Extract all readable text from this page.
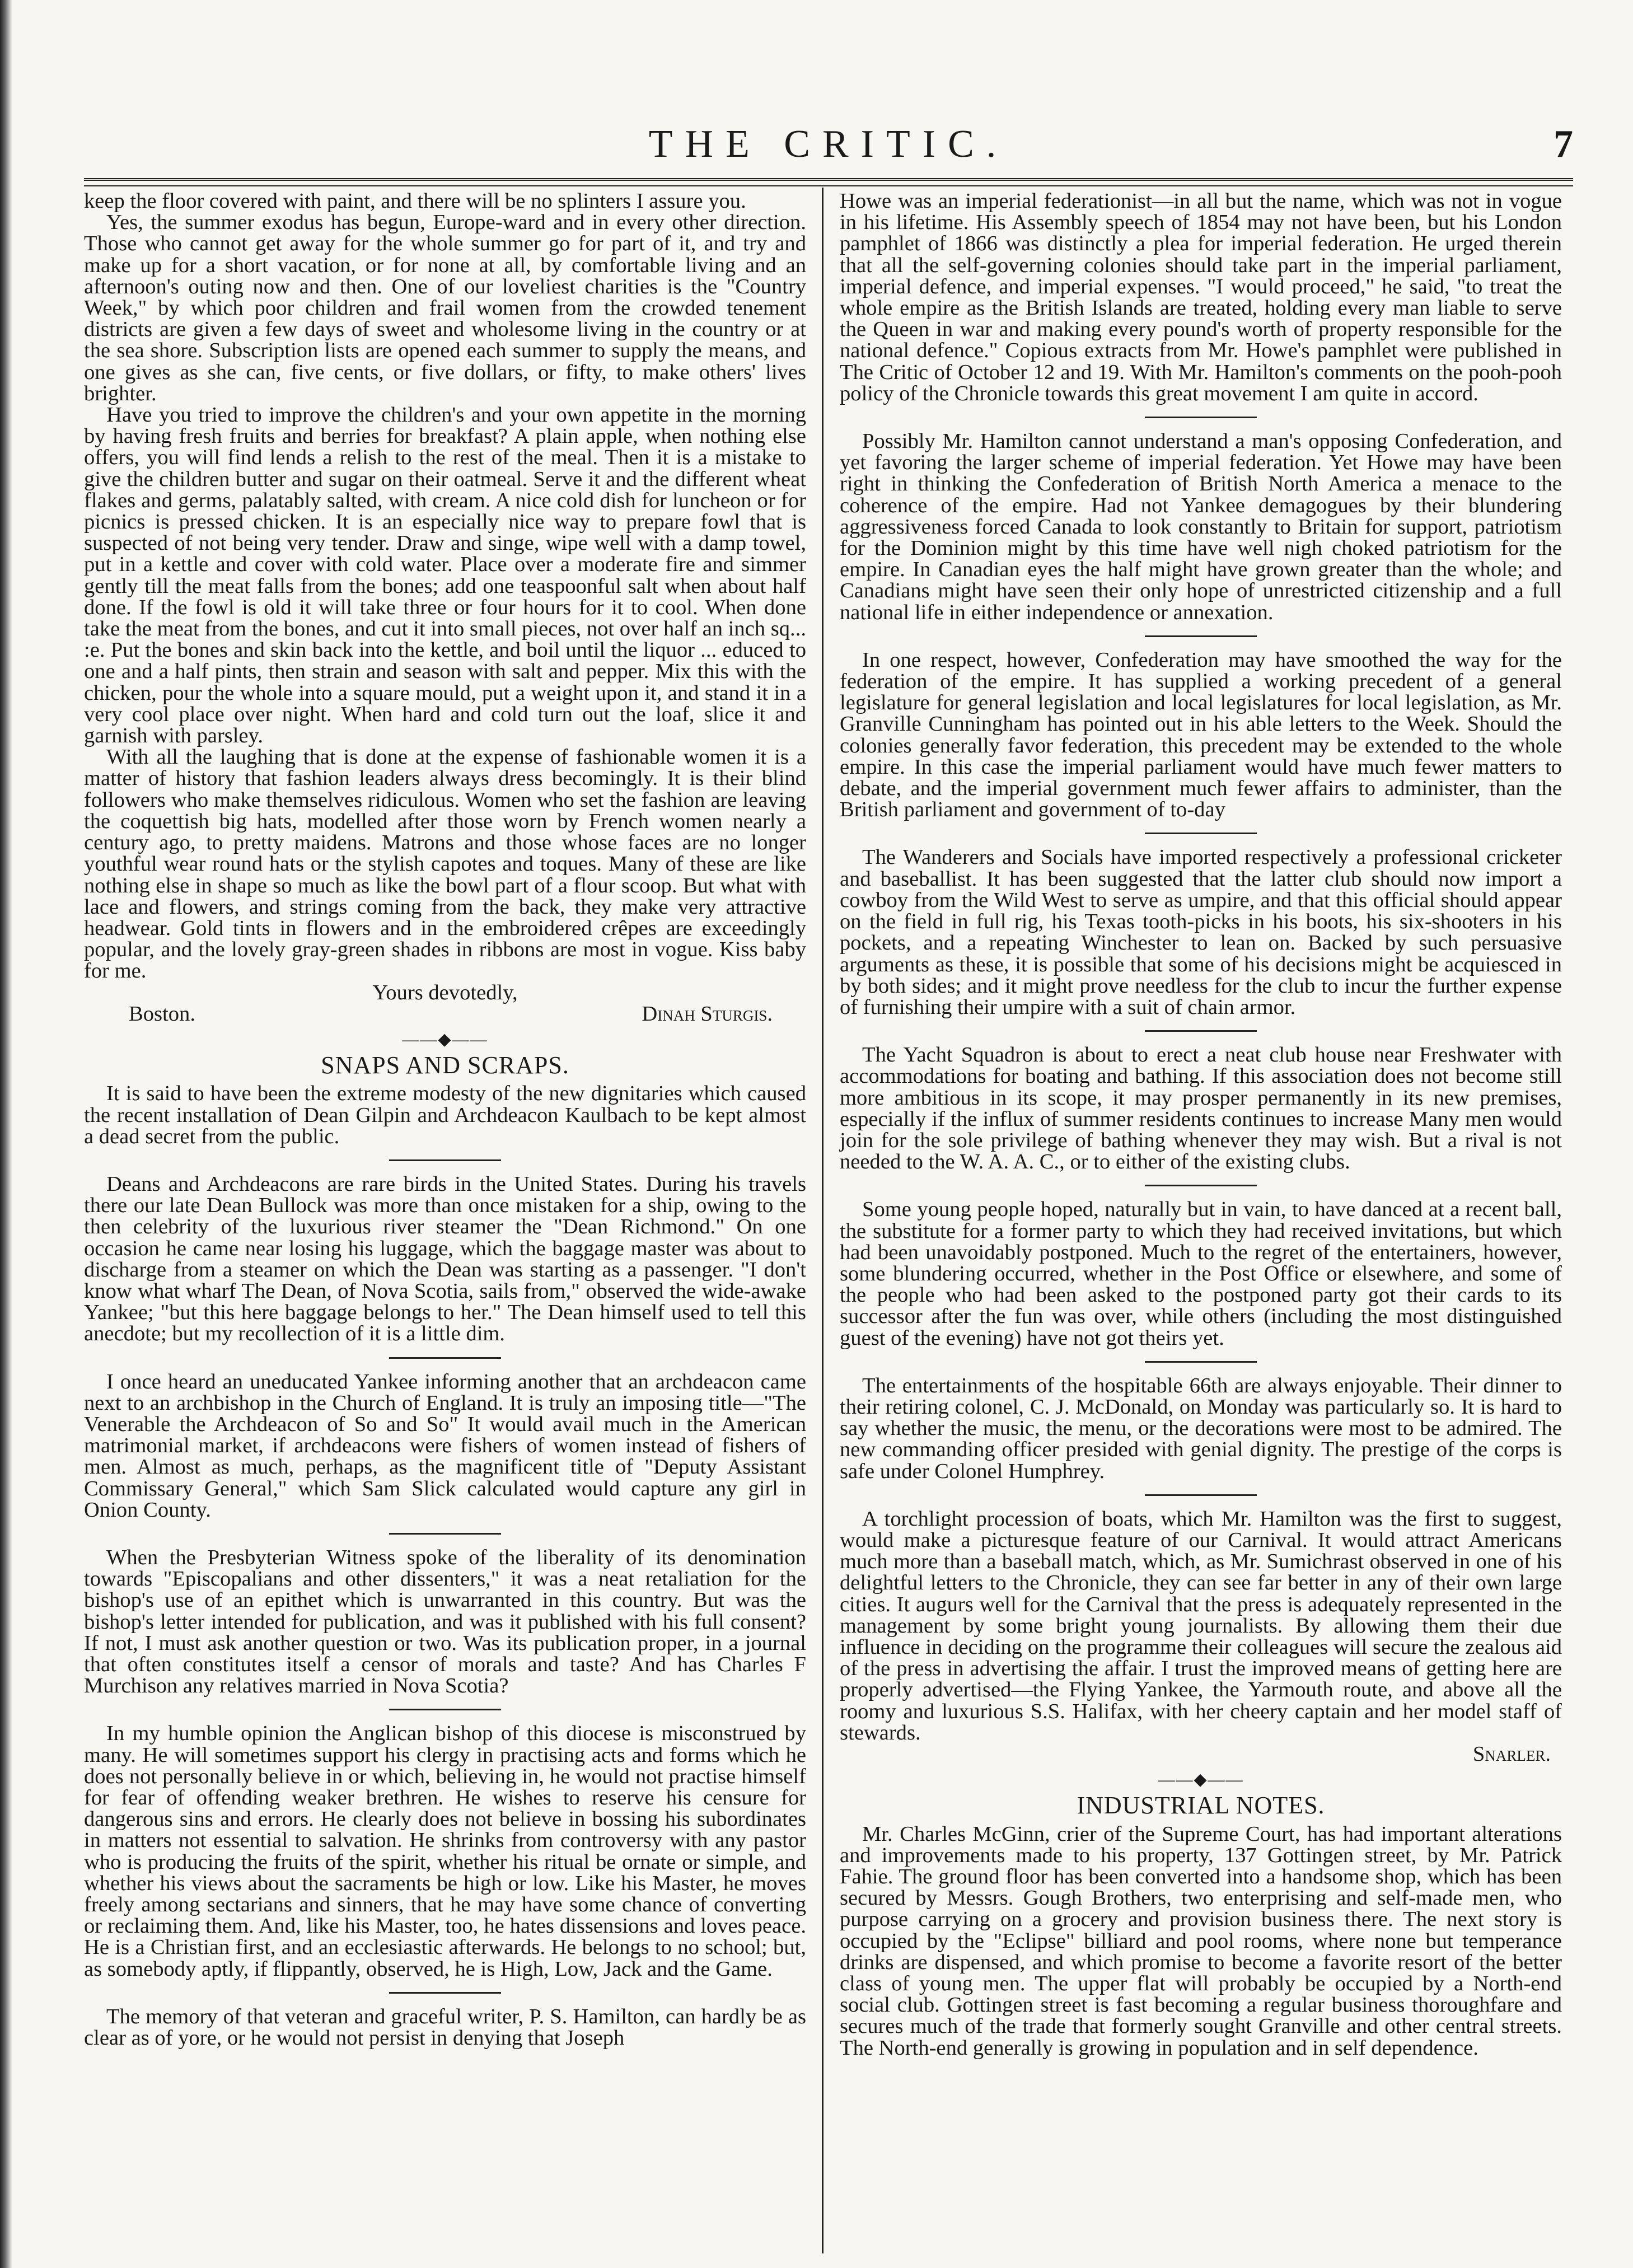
THE CRITIC.	7

keep the floor covered with paint, and there will be no splinters I assure you.

Yes, the summer exodus has begun, Europe-ward and in every other direction. Those who cannot get away for the whole summer go for part of it, and try and make up for a short vacation, or for none at all, by comfortable living and an afternoon's outing now and then. One of our loveliest charities is the "Country Week," by which poor children and frail women from the crowded tenement districts are given a few days of sweet and wholesome living in the country or at the sea shore. Subscription lists are opened each summer to supply the means, and one gives as she can, five cents, or five dollars, or fifty, to make others' lives brighter.

Have you tried to improve the children's and your own appetite in the morning by having fresh fruits and berries for breakfast? A plain apple, when nothing else offers, you will find lends a relish to the rest of the meal. Then it is a mistake to give the children butter and sugar on their oatmeal. Serve it and the different wheat flakes and germs, palatably salted, with cream. A nice cold dish for luncheon or for picnics is pressed chicken. It is an especially nice way to prepare fowl that is suspected of not being very tender. Draw and singe, wipe well with a damp towel, put in a kettle and cover with cold water. Place over a moderate fire and simmer gently till the meat falls from the bones; add one teaspoonful salt when about half done. If the fowl is old it will take three or four hours for it to cool. When done take the meat from the bones, and cut it into small pieces, not over half an inch sq... :e. Put the bones and skin back into the kettle, and boil until the liquor ... educed to one and a half pints, then strain and season with salt and pepper. Mix this with the chicken, pour the whole into a square mould, put a weight upon it, and stand it in a very cool place over night. When hard and cold turn out the loaf, slice it and garnish with parsley.

With all the laughing that is done at the expense of fashionable women it is a matter of history that fashion leaders always dress becomingly. It is their blind followers who make themselves ridiculous. Women who set the fashion are leaving the coquettish big hats, modelled after those worn by French women nearly a century ago, to pretty maidens. Matrons and those whose faces are no longer youthful wear round hats or the stylish capotes and toques. Many of these are like nothing else in shape so much as like the bowl part of a flour scoop. But what with lace and flowers, and strings coming from the back, they make very attractive headwear. Gold tints in flowers and in the embroidered crêpes are exceedingly popular, and the lovely gray-green shades in ribbons are most in vogue. Kiss baby for me.

Yours devotedly,

Boston.	Dinah Sturgis.
——◆——
SNAPS AND SCRAPS.

It is said to have been the extreme modesty of the new dignitaries which caused the recent installation of Dean Gilpin and Archdeacon Kaulbach to be kept almost a dead secret from the public.

Deans and Archdeacons are rare birds in the United States. During his travels there our late Dean Bullock was more than once mistaken for a ship, owing to the then celebrity of the luxurious river steamer the "Dean Richmond." On one occasion he came near losing his luggage, which the baggage master was about to discharge from a steamer on which the Dean was starting as a passenger. "I don't know what wharf The Dean, of Nova Scotia, sails from," observed the wide-awake Yankee; "but this here baggage belongs to her." The Dean himself used to tell this anecdote; but my recollection of it is a little dim.

I once heard an uneducated Yankee informing another that an archdeacon came next to an archbishop in the Church of England. It is truly an imposing title—"The Venerable the Archdeacon of So and So" It would avail much in the American matrimonial market, if archdeacons were fishers of women instead of fishers of men. Almost as much, perhaps, as the magnificent title of "Deputy Assistant Commissary General," which Sam Slick calculated would capture any girl in Onion County.

When the Presbyterian Witness spoke of the liberality of its denomination towards "Episcopalians and other dissenters," it was a neat retaliation for the bishop's use of an epithet which is unwarranted in this country. But was the bishop's letter intended for publication, and was it published with his full consent? If not, I must ask another question or two. Was its publication proper, in a journal that often constitutes itself a censor of morals and taste? And has Charles F Murchison any relatives married in Nova Scotia?

In my humble opinion the Anglican bishop of this diocese is misconstrued by many. He will sometimes support his clergy in practising acts and forms which he does not personally believe in or which, believing in, he would not practise himself for fear of offending weaker brethren. He wishes to reserve his censure for dangerous sins and errors. He clearly does not believe in bossing his subordinates in matters not essential to salvation. He shrinks from controversy with any pastor who is producing the fruits of the spirit, whether his ritual be ornate or simple, and whether his views about the sacraments be high or low. Like his Master, he moves freely among sectarians and sinners, that he may have some chance of converting or reclaiming them. And, like his Master, too, he hates dissensions and loves peace. He is a Christian first, and an ecclesiastic afterwards. He belongs to no school; but, as somebody aptly, if flippantly, observed, he is High, Low, Jack and the Game.

The memory of that veteran and graceful writer, P. S. Hamilton, can hardly be as clear as of yore, or he would not persist in denying that Joseph

Howe was an imperial federationist—in all but the name, which was not in vogue in his lifetime. His Assembly speech of 1854 may not have been, but his London pamphlet of 1866 was distinctly a plea for imperial federation. He urged therein that all the self-governing colonies should take part in the imperial parliament, imperial defence, and imperial expenses. "I would proceed," he said, "to treat the whole empire as the British Islands are treated, holding every man liable to serve the Queen in war and making every pound's worth of property responsible for the national defence." Copious extracts from Mr. Howe's pamphlet were published in The Critic of October 12 and 19. With Mr. Hamilton's comments on the pooh-pooh policy of the Chronicle towards this great movement I am quite in accord.

Possibly Mr. Hamilton cannot understand a man's opposing Confederation, and yet favoring the larger scheme of imperial federation. Yet Howe may have been right in thinking the Confederation of British North America a menace to the coherence of the empire. Had not Yankee demagogues by their blundering aggressiveness forced Canada to look constantly to Britain for support, patriotism for the Dominion might by this time have well nigh choked patriotism for the empire. In Canadian eyes the half might have grown greater than the whole; and Canadians might have seen their only hope of unrestricted citizenship and a full national life in either independence or annexation.

In one respect, however, Confederation may have smoothed the way for the federation of the empire. It has supplied a working precedent of a general legislature for general legislation and local legislatures for local legislation, as Mr. Granville Cunningham has pointed out in his able letters to the Week. Should the colonies generally favor federation, this precedent may be extended to the whole empire. In this case the imperial parliament would have much fewer matters to debate, and the imperial government much fewer affairs to administer, than the British parliament and government of to-day

The Wanderers and Socials have imported respectively a professional cricketer and baseballist. It has been suggested that the latter club should now import a cowboy from the Wild West to serve as umpire, and that this official should appear on the field in full rig, his Texas tooth-picks in his boots, his six-shooters in his pockets, and a repeating Winchester to lean on. Backed by such persuasive arguments as these, it is possible that some of his decisions might be acquiesced in by both sides; and it might prove needless for the club to incur the further expense of furnishing their umpire with a suit of chain armor.

The Yacht Squadron is about to erect a neat club house near Freshwater with accommodations for boating and bathing. If this association does not become still more ambitious in its scope, it may prosper permanently in its new premises, especially if the influx of summer residents continues to increase Many men would join for the sole privilege of bathing whenever they may wish. But a rival is not needed to the W. A. A. C., or to either of the existing clubs.

Some young people hoped, naturally but in vain, to have danced at a recent ball, the substitute for a former party to which they had received invitations, but which had been unavoidably postponed. Much to the regret of the entertainers, however, some blundering occurred, whether in the Post Office or elsewhere, and some of the people who had been asked to the postponed party got their cards to its successor after the fun was over, while others (including the most distinguished guest of the evening) have not got theirs yet.

The entertainments of the hospitable 66th are always enjoyable. Their dinner to their retiring colonel, C. J. McDonald, on Monday was particularly so. It is hard to say whether the music, the menu, or the decorations were most to be admired. The new commanding officer presided with genial dignity. The prestige of the corps is safe under Colonel Humphrey.

A torchlight procession of boats, which Mr. Hamilton was the first to suggest, would make a picturesque feature of our Carnival. It would attract Americans much more than a baseball match, which, as Mr. Sumichrast observed in one of his delightful letters to the Chronicle, they can see far better in any of their own large cities. It augurs well for the Carnival that the press is adequately represented in the management by some bright young journalists. By allowing them their due influence in deciding on the programme their colleagues will secure the zealous aid of the press in advertising the affair. I trust the improved means of getting here are properly advertised—the Flying Yankee, the Yarmouth route, and above all the roomy and luxurious S.S. Halifax, with her cheery captain and her model staff of stewards.

Snarler.

——◆——
INDUSTRIAL NOTES.

Mr. Charles McGinn, crier of the Supreme Court, has had important alterations and improvements made to his property, 137 Gottingen street, by Mr. Patrick Fahie. The ground floor has been converted into a handsome shop, which has been secured by Messrs. Gough Brothers, two enterprising and self-made men, who purpose carrying on a grocery and provision business there. The next story is occupied by the "Eclipse" billiard and pool rooms, where none but temperance drinks are dispensed, and which promise to become a favorite resort of the better class of young men. The upper flat will probably be occupied by a North-end social club. Gottingen street is fast becoming a regular business thoroughfare and secures much of the trade that formerly sought Granville and other central streets. The North-end generally is growing in population and in self dependence.
